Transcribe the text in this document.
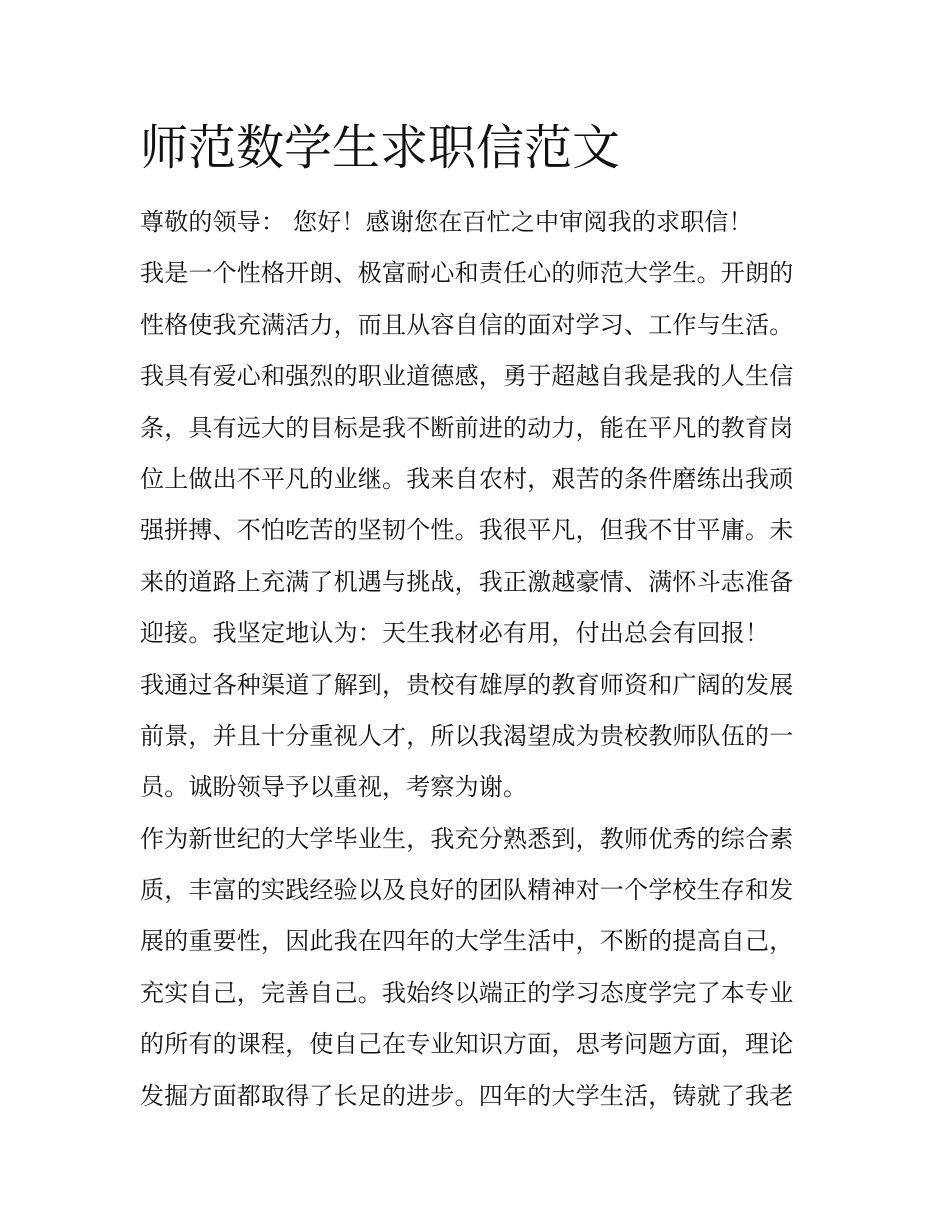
师范数学生求职信范文
尊敬的领导： 您好！感谢您在百忙之中审阅我的求职信！
我是一个性格开朗、极富耐心和责任心的师范大学生。开朗的
性格使我充满活力，而且从容自信的面对学习、工作与生活。
我具有爱心和强烈的职业道德感，勇于超越自我是我的人生信
条，具有远大的目标是我不断前进的动力，能在平凡的教育岗
位上做出不平凡的业继。我来自农村，艰苦的条件磨练出我顽
强拼搏、不怕吃苦的坚韧个性。我很平凡，但我不甘平庸。未
来的道路上充满了机遇与挑战，我正激越豪情、满怀斗志准备
迎接。我坚定地认为：天生我材必有用，付出总会有回报！
我通过各种渠道了解到，贵校有雄厚的教育师资和广阔的发展
前景，并且十分重视人才，所以我渴望成为贵校教师队伍的一
员。诚盼领导予以重视，考察为谢。
作为新世纪的大学毕业生，我充分熟悉到，教师优秀的综合素
质，丰富的实践经验以及良好的团队精神对一个学校生存和发
展的重要性，因此我在四年的大学生活中，不断的提高自己，
充实自己，完善自己。我始终以端正的学习态度学完了本专业
的所有的课程，使自己在专业知识方面，思考问题方面，理论
发掘方面都取得了长足的进步。四年的大学生活，铸就了我老
